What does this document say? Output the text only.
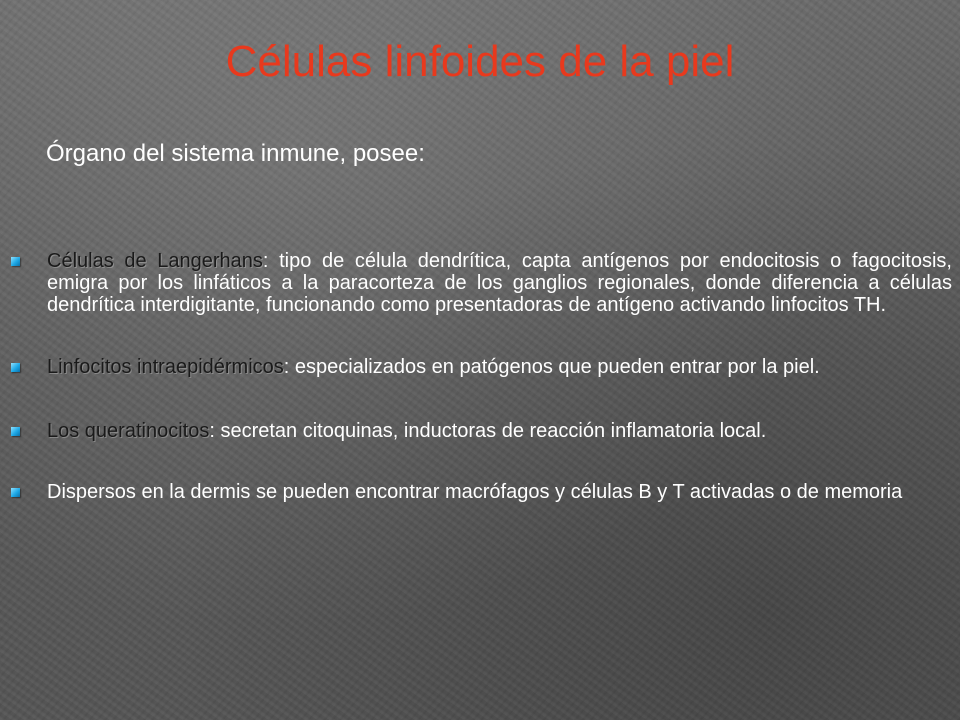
Células linfoides de la piel
Órgano del sistema inmune, posee:
Células de Langerhans: tipo de célula dendrítica, capta antígenos por endocitosis o fagocitosis, emigra por los linfáticos a la paracorteza de los ganglios regionales, donde diferencia a células dendrítica interdigitante, funcionando como presentadoras de antígeno activando linfocitos TH.
Linfocitos intraepidérmicos: especializados en patógenos que pueden entrar por la piel.
Los queratinocitos: secretan citoquinas, inductoras de reacción inflamatoria local.
Dispersos en la dermis se pueden encontrar macrófagos y células B y T activadas o de memoria
